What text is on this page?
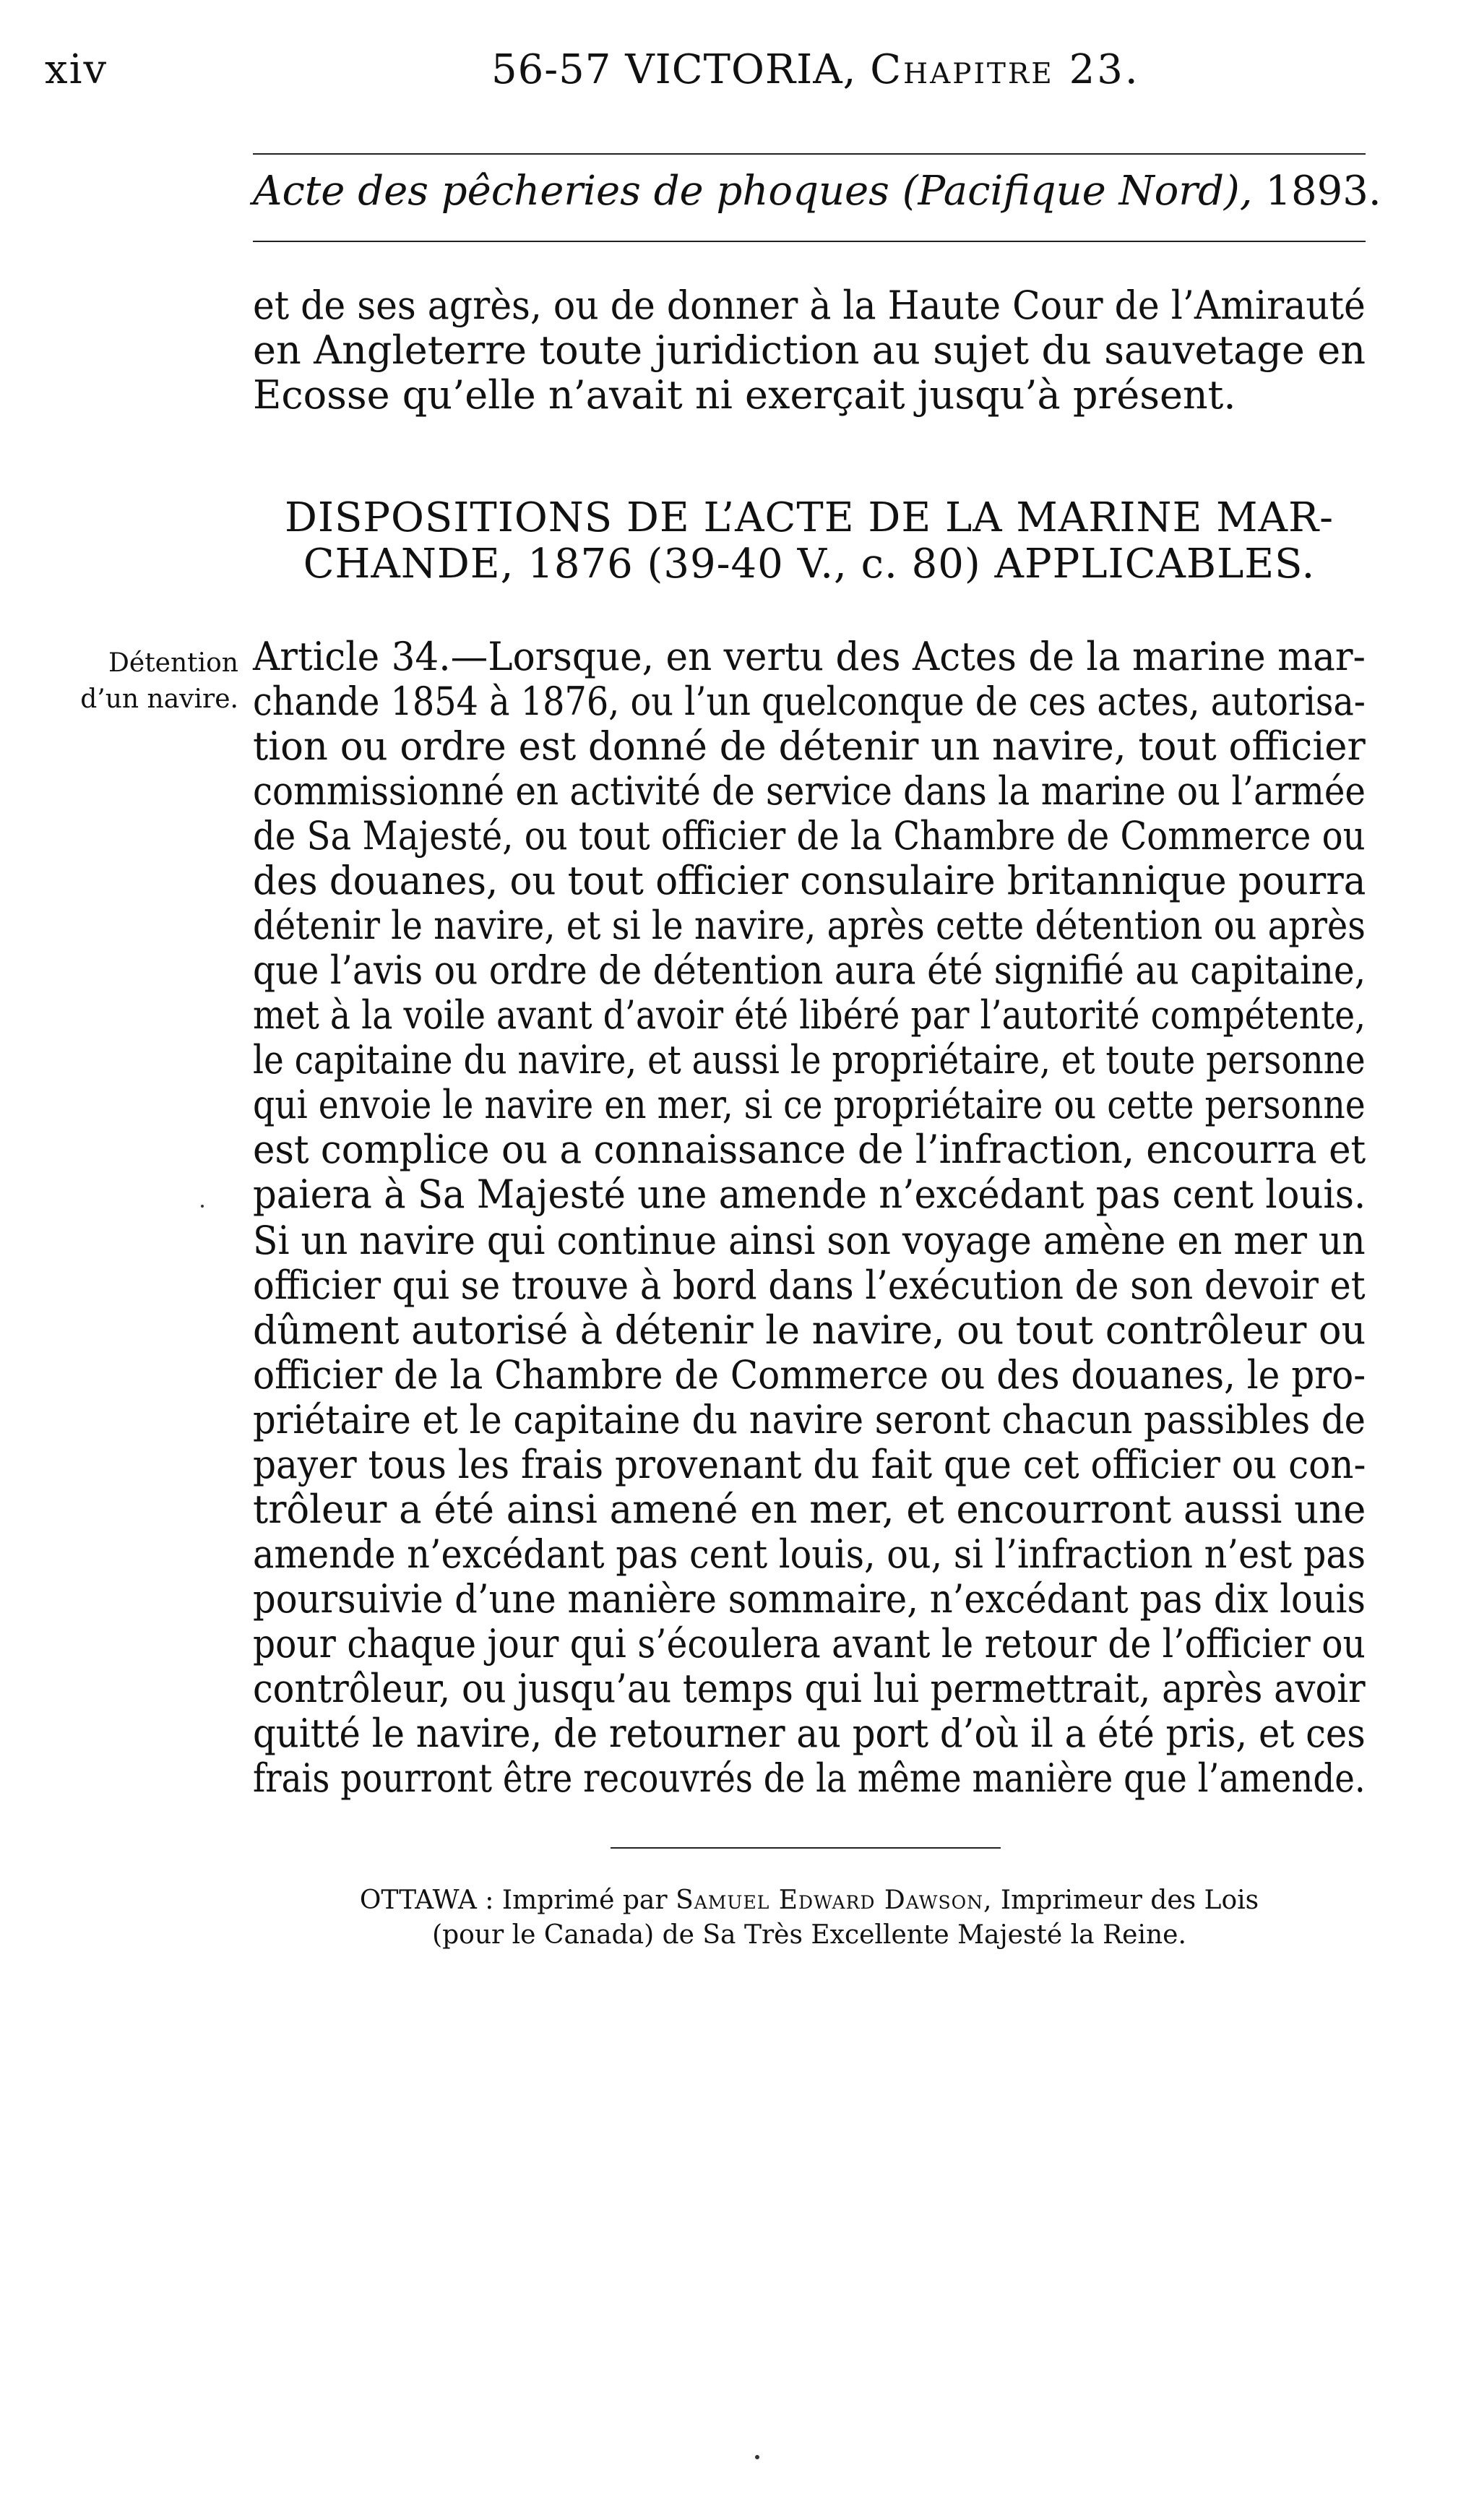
xiv	56-57 VICTORIA, Chapitre 23.
Acte des pêcheries de phoques (Pacifique Nord), 1893.
et de ses agrès, ou de donner à la Haute Cour de l’Amirauté
en Angleterre toute juridiction au sujet du sauvetage en
Ecosse qu’elle n’avait ni exerçait jusqu’à présent.
DISPOSITIONS DE L’ACTE DE LA MARINE MAR-
CHANDE, 1876 (39-40 V., c. 80) APPLICABLES.
Détention
d’un navire.
Article 34.—Lorsque, en vertu des Actes de la marine mar-
chande 1854 à 1876, ou l’un quelconque de ces actes, autorisa-
tion ou ordre est donné de détenir un navire, tout officier
commissionné en activité de service dans la marine ou l’armée
de Sa Majesté, ou tout officier de la Chambre de Commerce ou
des douanes, ou tout officier consulaire britannique pourra
détenir le navire, et si le navire, après cette détention ou après
que l’avis ou ordre de détention aura été signifié au capitaine,
met à la voile avant d’avoir été libéré par l’autorité compétente,
le capitaine du navire, et aussi le propriétaire, et toute personne
qui envoie le navire en mer, si ce propriétaire ou cette personne
est complice ou a connaissance de l’infraction, encourra et
paiera à Sa Majesté une amende n’excédant pas cent louis.
Si un navire qui continue ainsi son voyage amène en mer un
officier qui se trouve à bord dans l’exécution de son devoir et
dûment autorisé à détenir le navire, ou tout contrôleur ou
officier de la Chambre de Commerce ou des douanes, le pro-
priétaire et le capitaine du navire seront chacun passibles de
payer tous les frais provenant du fait que cet officier ou con-
trôleur a été ainsi amené en mer, et encourront aussi une
amende n’excédant pas cent louis, ou, si l’infraction n’est pas
poursuivie d’une manière sommaire, n’excédant pas dix louis
pour chaque jour qui s’écoulera avant le retour de l’officier ou
contrôleur, ou jusqu’au temps qui lui permettrait, après avoir
quitté le navire, de retourner au port d’où il a été pris, et ces
frais pourront être recouvrés de la même manière que l’amende.
OTTAWA : Imprimé par Samuel Edward Dawson, Imprimeur des Lois
(pour le Canada) de Sa Très Excellente Majesté la Reine.
